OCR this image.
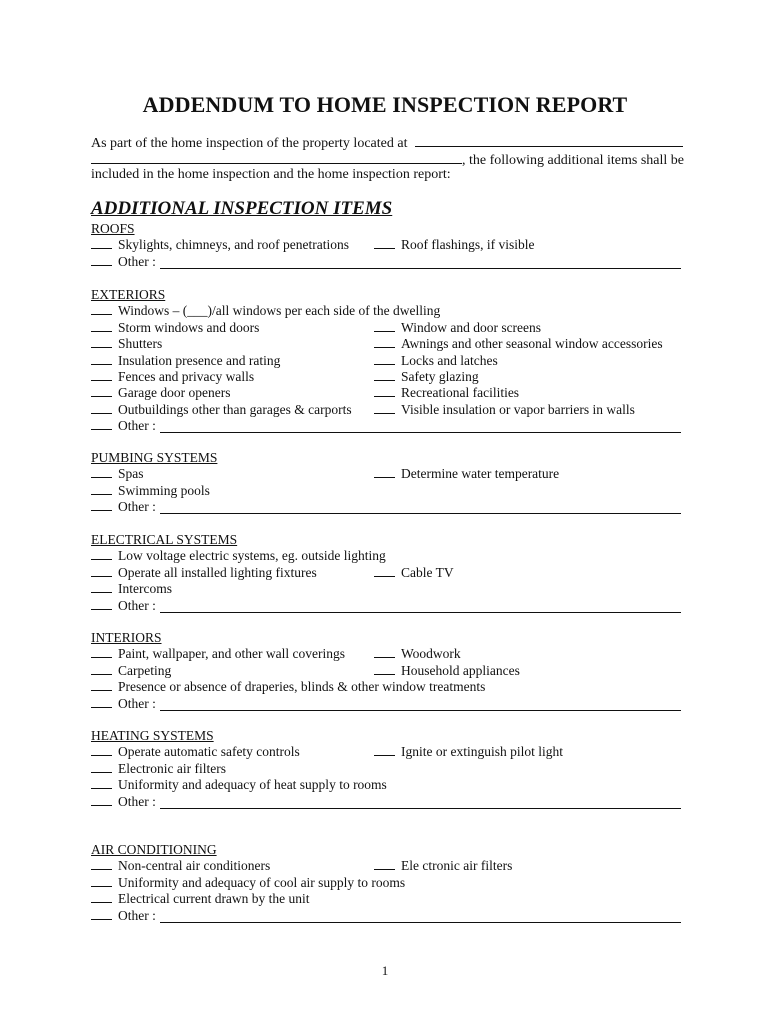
ADDENDUM TO HOME INSPECTION REPORT
As part of the home inspection of the property located at
, the following additional items shall be
included in the home inspection and the home inspection report:
ADDITIONAL INSPECTION ITEMS
ROOFS
Skylights, chimneys, and roof penetrations	Roof flashings, if visible
Other :
EXTERIORS
Windows – (___)/all windows per each side of the dwelling
Storm windows and doors	Window and door screens
Shutters	Awnings and other seasonal window accessories
Insulation presence and rating	Locks and latches
Fences and privacy walls	Safety glazing
Garage door openers	Recreational facilities
Outbuildings other than garages & carports	Visible insulation or vapor barriers in walls
Other :
PUMBING SYSTEMS
Spas	Determine water temperature
Swimming pools
Other :
ELECTRICAL SYSTEMS
Low voltage electric systems, eg. outside lighting
Operate all installed lighting fixtures	Cable TV
Intercoms
Other :
INTERIORS
Paint, wallpaper, and other wall coverings	Woodwork
Carpeting	Household appliances
Presence or absence of draperies, blinds & other window treatments
Other :
HEATING SYSTEMS
Operate automatic safety controls	Ignite or extinguish pilot light
Electronic air filters
Uniformity and adequacy of heat supply to rooms
Other :
AIR CONDITIONING
Non-central air conditioners	Ele ctronic air filters
Uniformity and adequacy of cool air supply to rooms
Electrical current drawn by the unit
Other :
1
